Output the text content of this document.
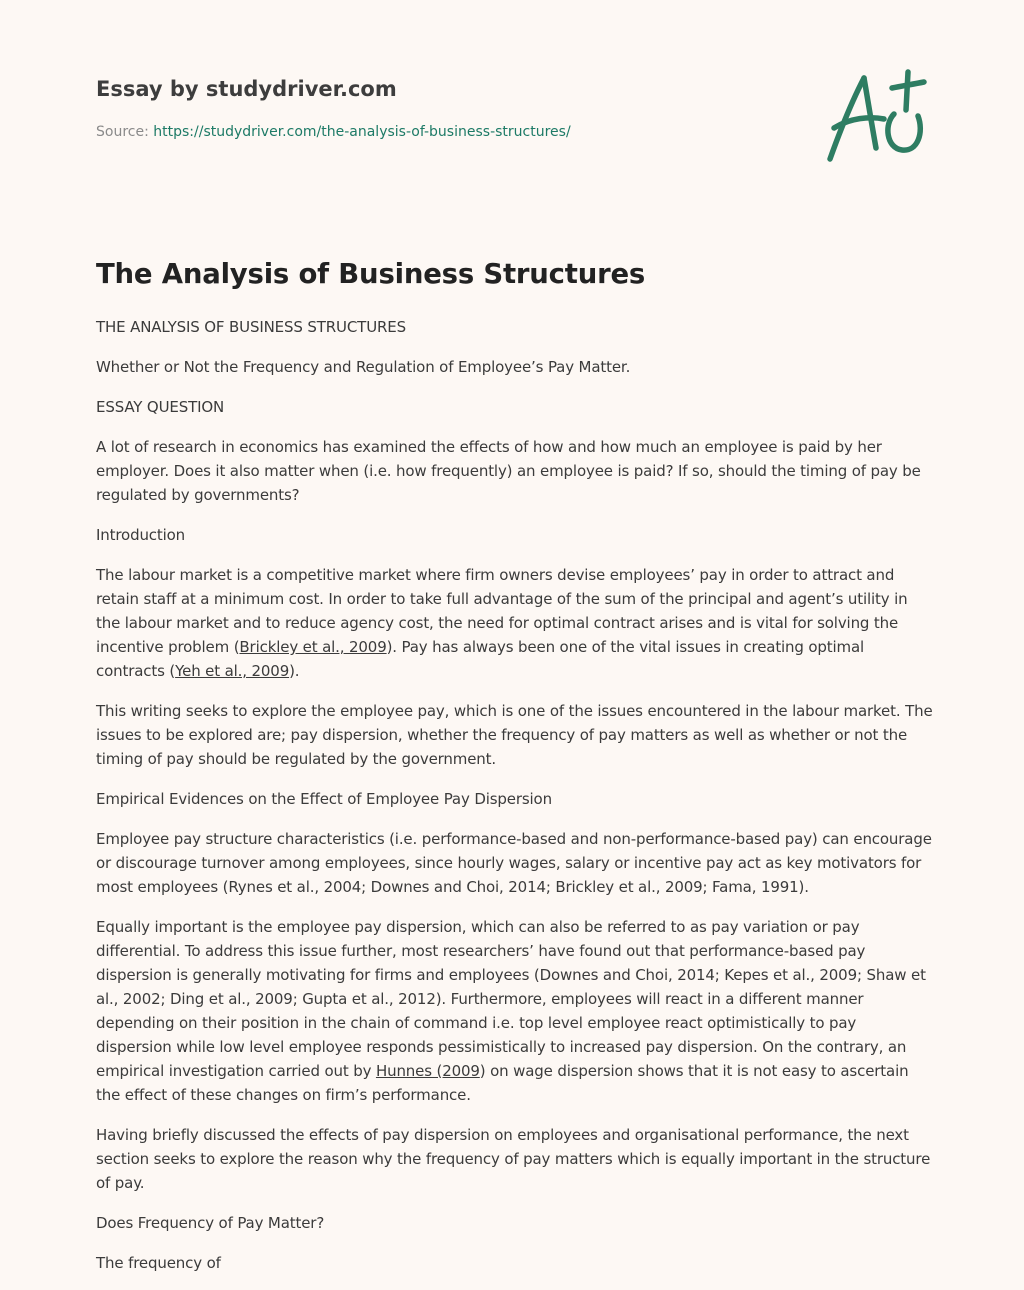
Essay by studydriver.com
Source: https://studydriver.com/the-analysis-of-business-structures/
The Analysis of Business Structures

THE ANALYSIS OF BUSINESS STRUCTURES

Whether or Not the Frequency and Regulation of Employee’s Pay Matter.

ESSAY QUESTION

A lot of research in economics has examined the effects of how and how much an employee is paid by her employer. Does it also matter when (i.e. how frequently) an employee is paid? If so, should the timing of pay be regulated by governments?

Introduction

The labour market is a competitive market where firm owners devise employees’ pay in order to attract and retain staff at a minimum cost. In order to take full advantage of the sum of the principal and agent’s utility in the labour market and to reduce agency cost, the need for optimal contract arises and is vital for solving the incentive problem (Brickley et al., 2009). Pay has always been one of the vital issues in creating optimal contracts (Yeh et al., 2009).

This writing seeks to explore the employee pay, which is one of the issues encountered in the labour market. The issues to be explored are; pay dispersion, whether the frequency of pay matters as well as whether or not the timing of pay should be regulated by the government.

Empirical Evidences on the Effect of Employee Pay Dispersion

Employee pay structure characteristics (i.e. performance-based and non-performance-based pay) can encourage or discourage turnover among employees, since hourly wages, salary or incentive pay act as key motivators for most employees (Rynes et al., 2004; Downes and Choi, 2014; Brickley et al., 2009; Fama, 1991).

Equally important is the employee pay dispersion, which can also be referred to as pay variation or pay differential. To address this issue further, most researchers’ have found out that performance-based pay dispersion is generally motivating for firms and employees (Downes and Choi, 2014; Kepes et al., 2009; Shaw et al., 2002; Ding et al., 2009; Gupta et al., 2012). Furthermore, employees will react in a different manner depending on their position in the chain of command i.e. top level employee react optimistically to pay dispersion while low level employee responds pessimistically to increased pay dispersion. On the contrary, an empirical investigation carried out by Hunnes (2009) on wage dispersion shows that it is not easy to ascertain the effect of these changes on firm’s performance.

Having briefly discussed the effects of pay dispersion on employees and organisational performance, the next section seeks to explore the reason why the frequency of pay matters which is equally important in the structure of pay.

Does Frequency of Pay Matter?

The frequency of
